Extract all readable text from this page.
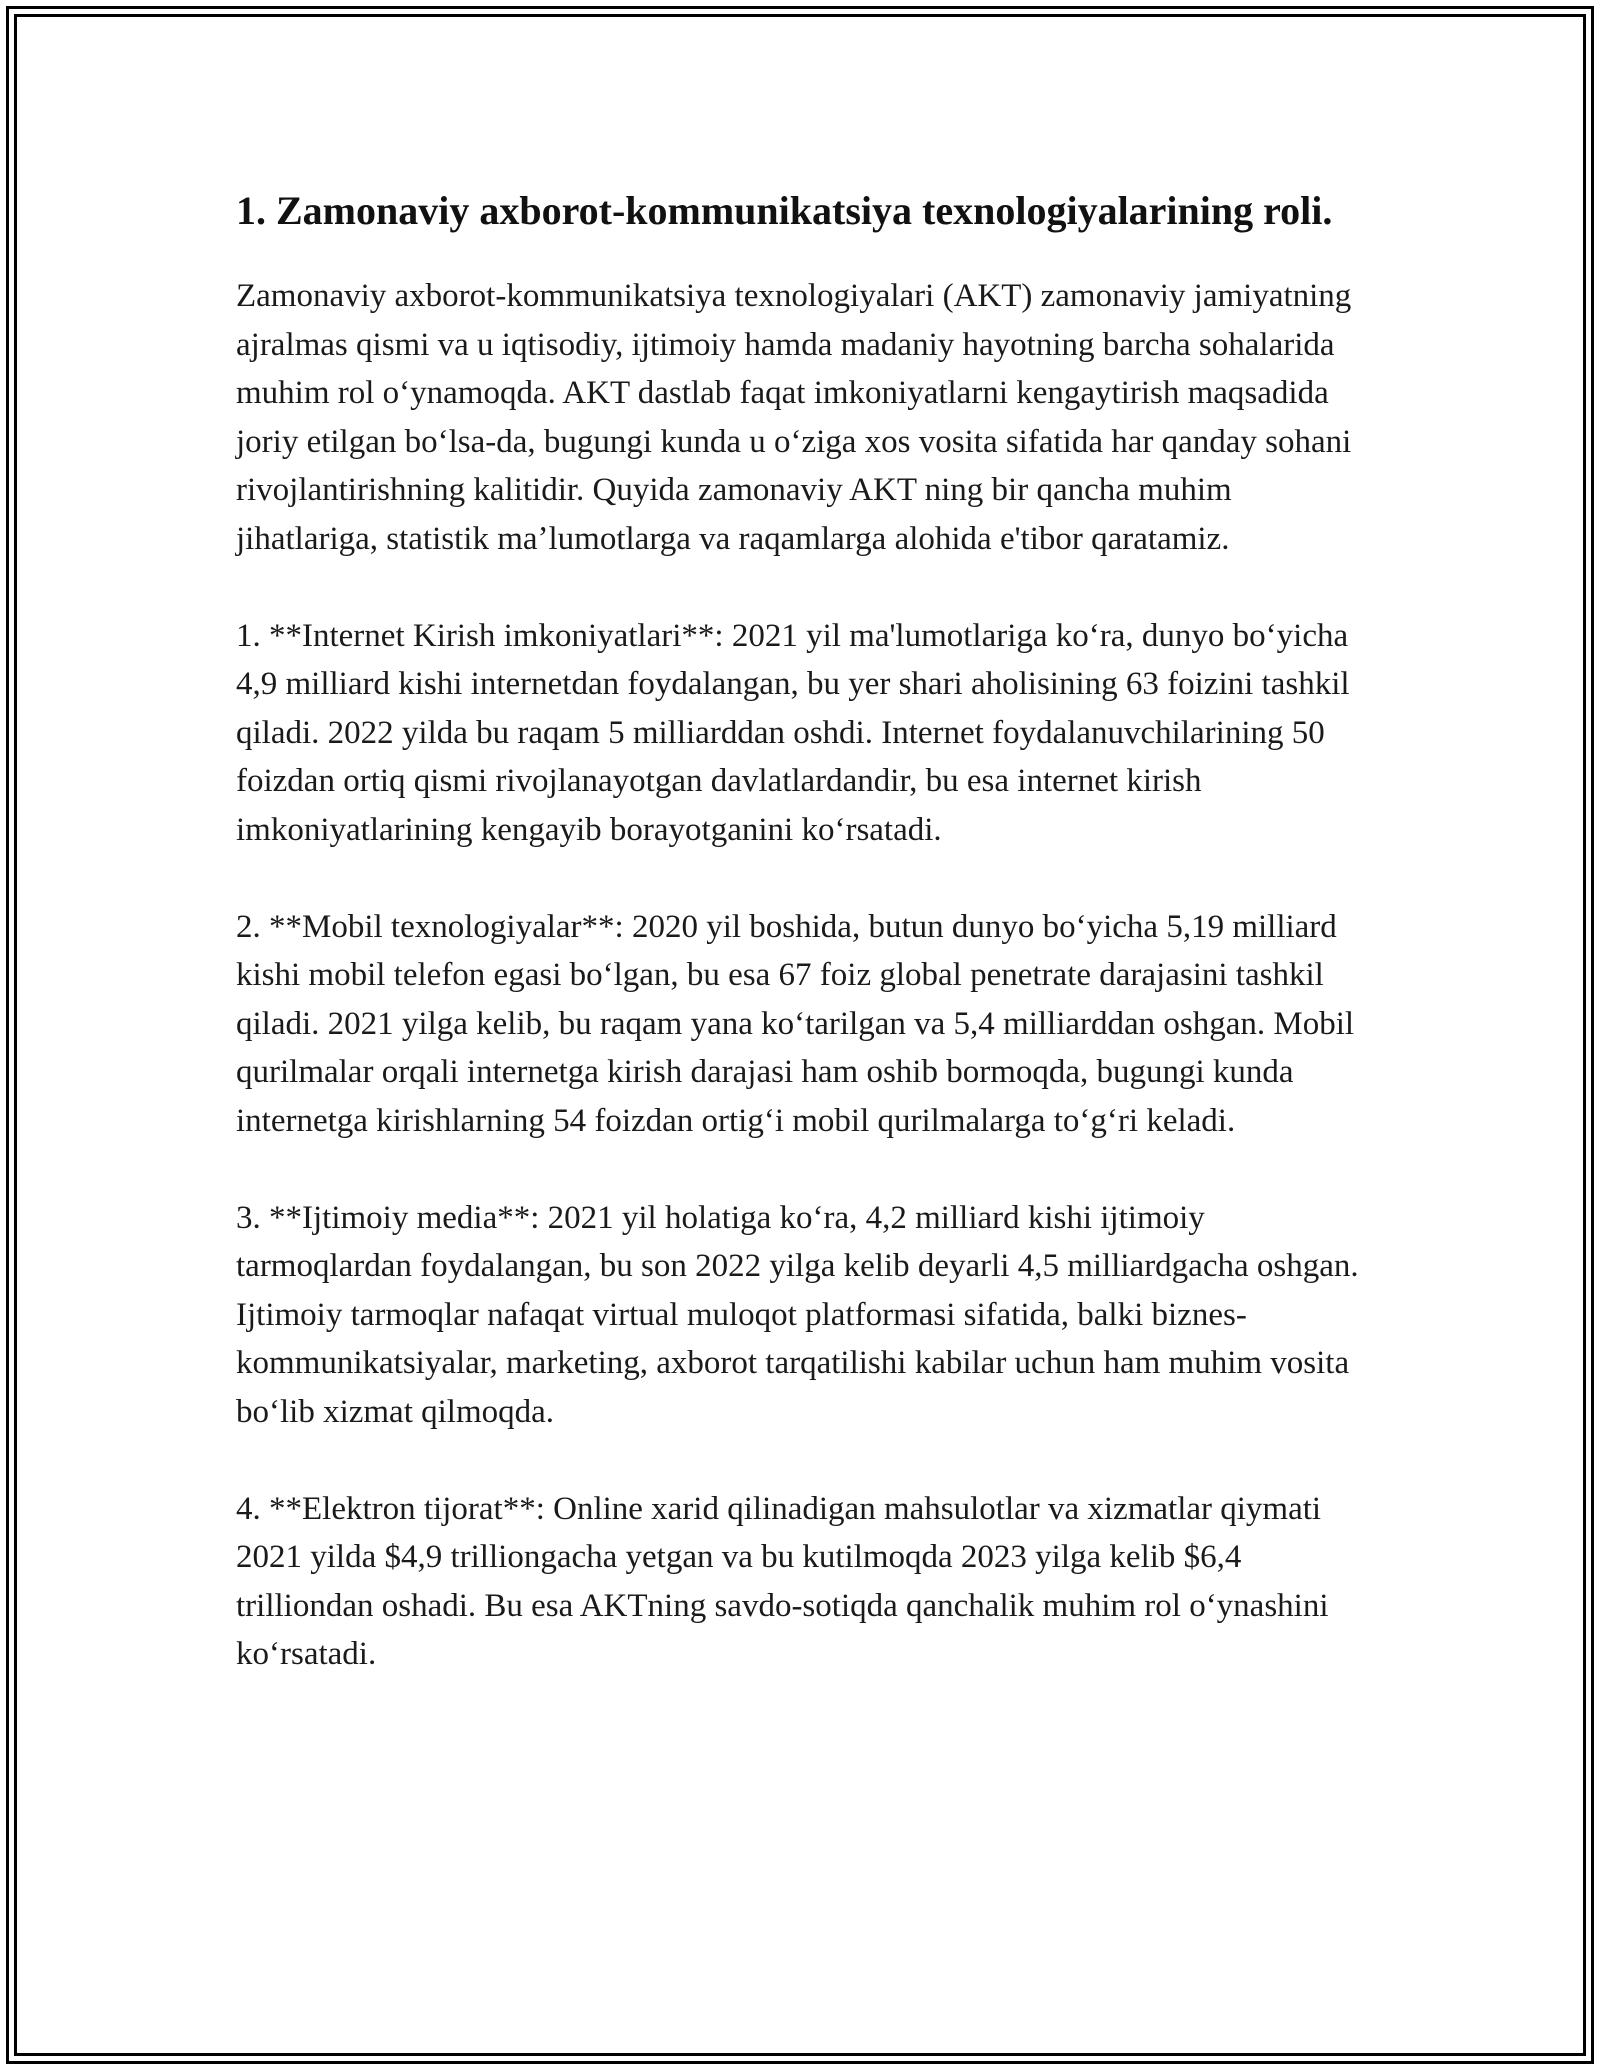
1. Zamonaviy axborot-kommunikatsiya texnologiyalarining roli.

Zamonaviy axborot-kommunikatsiya texnologiyalari (AKT) zamonaviy jamiyatning ajralmas qismi va u iqtisodiy, ijtimoiy hamda madaniy hayotning barcha sohalarida muhim rol oʻynamoqda. AKT dastlab faqat imkoniyatlarni kengaytirish maqsadida joriy etilgan boʻlsa-da, bugungi kunda u oʻziga xos vosita sifatida har qanday sohani rivojlantirishning kalitidir. Quyida zamonaviy AKT ning bir qancha muhim jihatlariga, statistik maʼlumotlarga va raqamlarga alohida e'tibor qaratamiz.

1. **Internet Kirish imkoniyatlari**: 2021 yil ma'lumotlariga koʻra, dunyo boʻyicha 4,9 milliard kishi internetdan foydalangan, bu yer shari aholisining 63 foizini tashkil qiladi. 2022 yilda bu raqam 5 milliarddan oshdi. Internet foydalanuvchilarining 50 foizdan ortiq qismi rivojlanayotgan davlatlardandir, bu esa internet kirish imkoniyatlarining kengayib borayotganini koʻrsatadi.

2. **Mobil texnologiyalar**: 2020 yil boshida, butun dunyo boʻyicha 5,19 milliard kishi mobil telefon egasi boʻlgan, bu esa 67 foiz global penetrate darajasini tashkil qiladi. 2021 yilga kelib, bu raqam yana koʻtarilgan va 5,4 milliarddan oshgan. Mobil qurilmalar orqali internetga kirish darajasi ham oshib bormoqda, bugungi kunda internetga kirishlarning 54 foizdan ortigʻi mobil qurilmalarga toʻgʻri keladi.

3. **Ijtimoiy media**: 2021 yil holatiga koʻra, 4,2 milliard kishi ijtimoiy tarmoqlardan foydalangan, bu son 2022 yilga kelib deyarli 4,5 milliardgacha oshgan. Ijtimoiy tarmoqlar nafaqat virtual muloqot platformasi sifatida, balki biznes-kommunikatsiyalar, marketing, axborot tarqatilishi kabilar uchun ham muhim vosita boʻlib xizmat qilmoqda.

4. **Elektron tijorat**: Online xarid qilinadigan mahsulotlar va xizmatlar qiymati 2021 yilda $4,9 trilliongacha yetgan va bu kutilmoqda 2023 yilga kelib $6,4 trilliondan oshadi. Bu esa AKTning savdo-sotiqda qanchalik muhim rol oʻynashini koʻrsatadi.
